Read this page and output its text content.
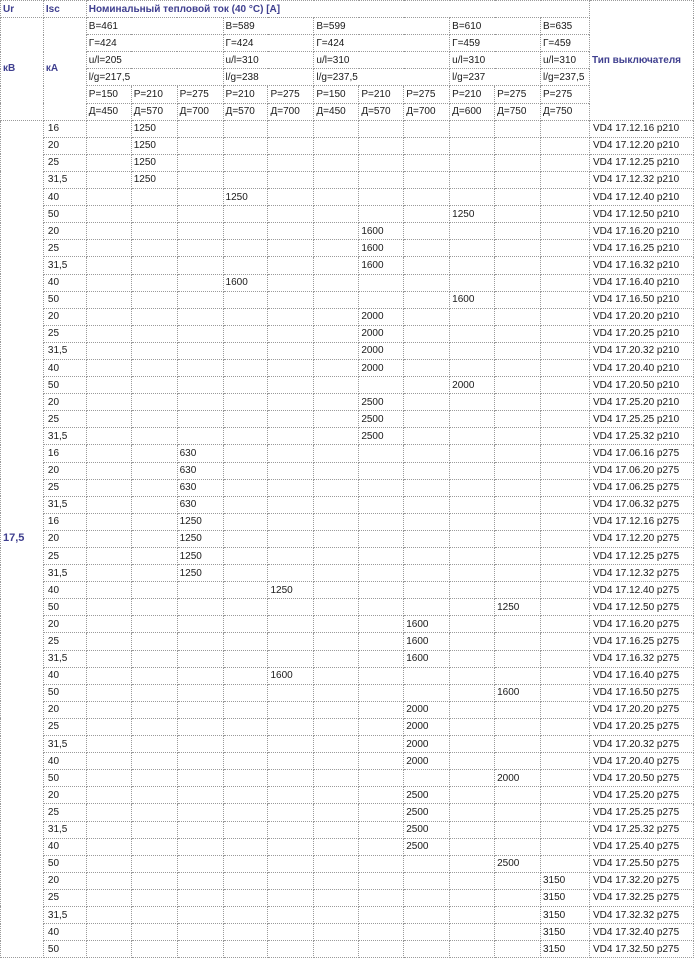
Ur	Isc	Номинальный тепловой ток (40 °C) [A]											Тип выключателя
кВ	кА	В=461			В=589		В=599			В=610		В=635	
		Г=424			Г=424		Г=424			Г=459		Г=459	
		u/l=205			u/l=310		u/l=310			u/l=310		u/l=310	
		l/g=217,5			l/g=238		l/g=237,5			l/g=237		l/g=237,5	
		Р=150	Р=210	Р=275	Р=210	Р=275	Р=150	Р=210	Р=275	Р=210	Р=275	Р=275	
		Д=450	Д=570	Д=700	Д=570	Д=700	Д=450	Д=570	Д=700	Д=600	Д=750	Д=750	
17,5	16		1250										VD4 17.12.16 p210
	20		1250										VD4 17.12.20 p210
	25		1250										VD4 17.12.25 p210
	31,5		1250										VD4 17.12.32 p210
	40				1250								VD4 17.12.40 p210
	50									1250			VD4 17.12.50 p210
	20							1600					VD4 17.16.20 p210
	25							1600					VD4 17.16.25 p210
	31,5							1600					VD4 17.16.32 p210
	40				1600								VD4 17.16.40 p210
	50									1600			VD4 17.16.50 p210
	20							2000					VD4 17.20.20 p210
	25							2000					VD4 17.20.25 p210
	31,5							2000					VD4 17.20.32 p210
	40							2000					VD4 17.20.40 p210
	50									2000			VD4 17.20.50 p210
	20							2500					VD4 17.25.20 p210
	25							2500					VD4 17.25.25 p210
	31,5							2500					VD4 17.25.32 p210
	16			630									VD4 17.06.16 p275
	20			630									VD4 17.06.20 p275
	25			630									VD4 17.06.25 p275
	31,5			630									VD4 17.06.32 p275
	16			1250									VD4 17.12.16 p275
	20			1250									VD4 17.12.20 p275
	25			1250									VD4 17.12.25 p275
	31,5			1250									VD4 17.12.32 p275
	40					1250							VD4 17.12.40 p275
	50										1250		VD4 17.12.50 p275
	20								1600				VD4 17.16.20 p275
	25								1600				VD4 17.16.25 p275
	31,5								1600				VD4 17.16.32 p275
	40					1600							VD4 17.16.40 p275
	50										1600		VD4 17.16.50 p275
	20								2000				VD4 17.20.20 p275
	25								2000				VD4 17.20.25 p275
	31,5								2000				VD4 17.20.32 p275
	40								2000				VD4 17.20.40 p275
	50										2000		VD4 17.20.50 p275
	20								2500				VD4 17.25.20 p275
	25								2500				VD4 17.25.25 p275
	31,5								2500				VD4 17.25.32 p275
	40								2500				VD4 17.25.40 p275
	50										2500		VD4 17.25.50 p275
	20											3150	VD4 17.32.20 p275
	25											3150	VD4 17.32.25 p275
	31,5											3150	VD4 17.32.32 p275
	40											3150	VD4 17.32.40 p275
	50											3150	VD4 17.32.50 p275
